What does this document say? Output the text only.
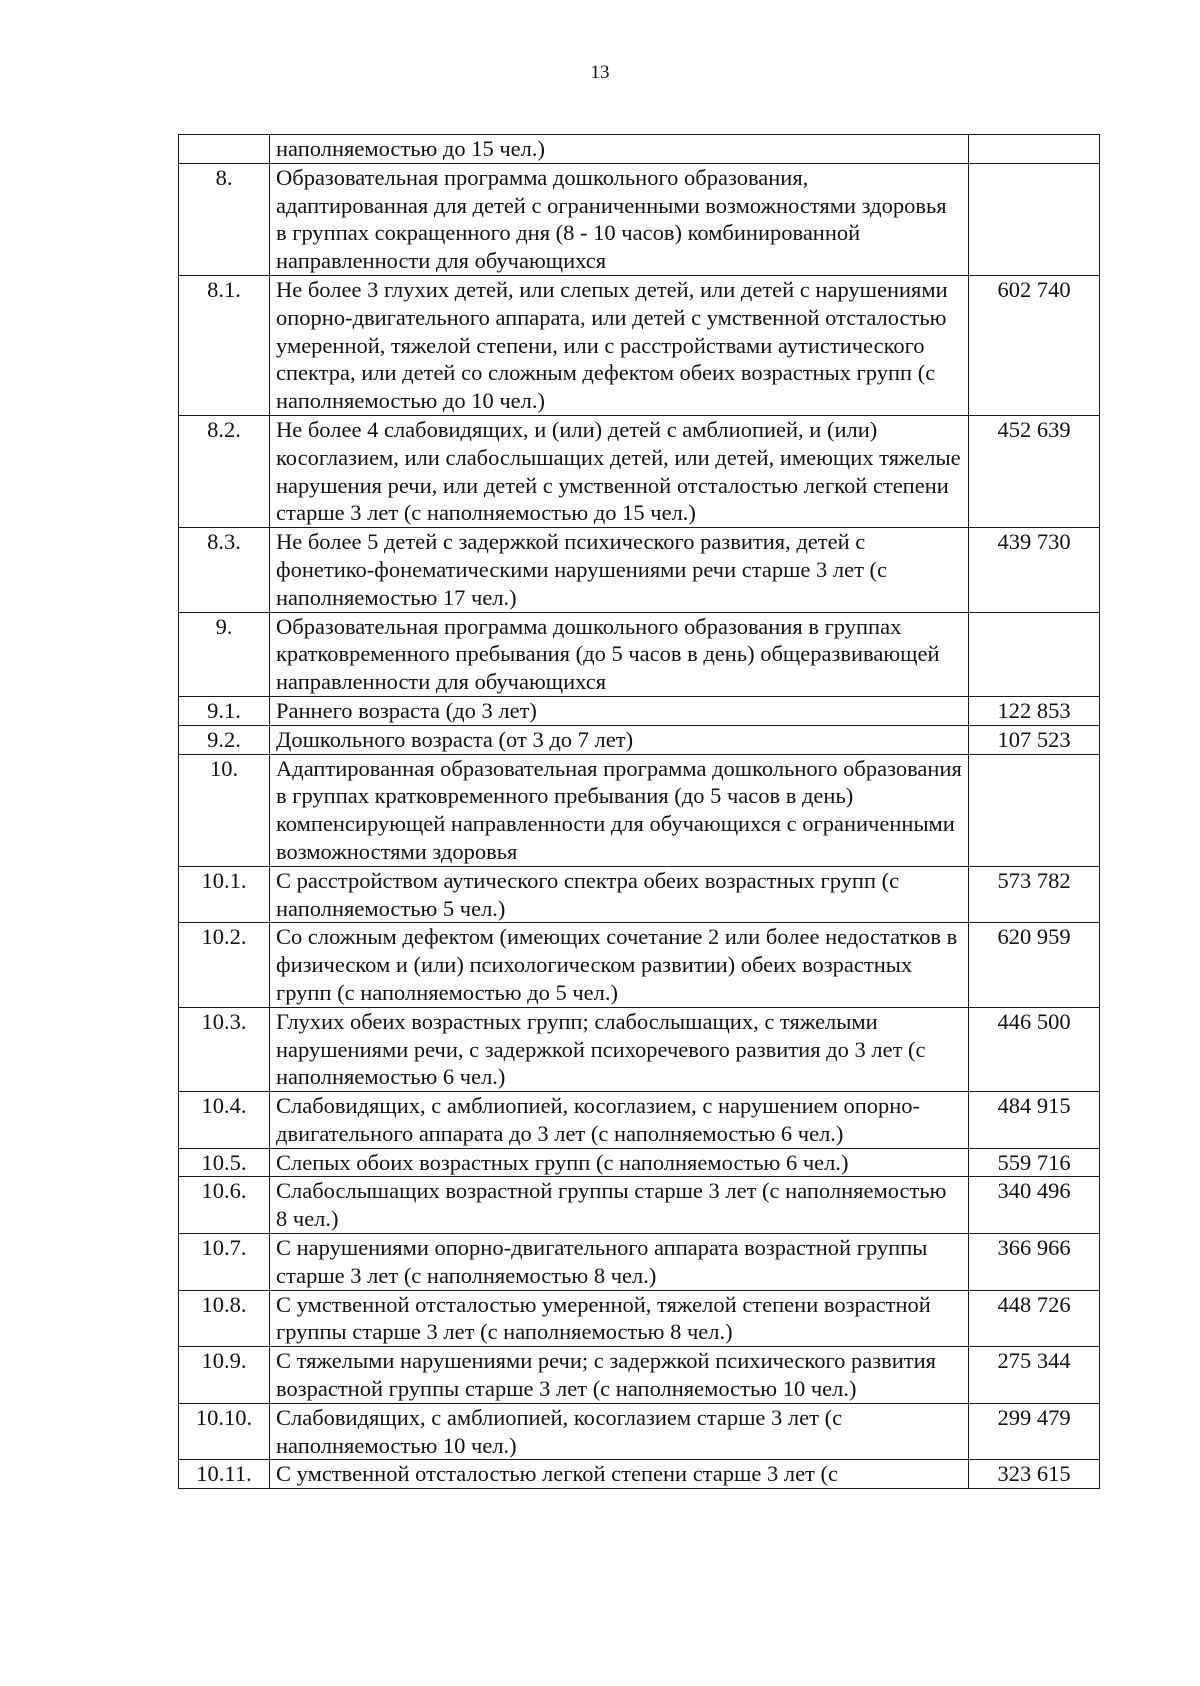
13
	наполняемостью до 15 чел.)	
8.	Образовательная программа дошкольного образования, адаптированная для детей с ограниченными возможностями здоровья в группах сокращенного дня (8 - 10 часов) комбинированной направленности для обучающихся	
8.1.	Не более 3 глухих детей, или слепых детей, или детей с нарушениями опорно-двигательного аппарата, или детей с умственной отсталостью умеренной, тяжелой степени, или с расстройствами аутистического спектра, или детей со сложным дефектом обеих возрастных групп (с наполняемостью до 10 чел.)	602 740
8.2.	Не более 4 слабовидящих, и (или) детей с амблиопией, и (или) косоглазием, или слабослышащих детей, или детей, имеющих тяжелые нарушения речи, или детей с умственной отсталостью легкой степени старше 3 лет (с наполняемостью до 15 чел.)	452 639
8.3.	Не более 5 детей с задержкой психического развития, детей с фонетико-фонематическими нарушениями речи старше 3 лет (с наполняемостью 17 чел.)	439 730
9.	Образовательная программа дошкольного образования в группах кратковременного пребывания (до 5 часов в день) общеразвивающей направленности для обучающихся	
9.1.	Раннего возраста (до 3 лет)	122 853
9.2.	Дошкольного возраста (от 3 до 7 лет)	107 523
10.	Адаптированная образовательная программа дошкольного образования в группах кратковременного пребывания (до 5 часов в день) компенсирующей направленности для обучающихся с ограниченными возможностями здоровья	
10.1.	С расстройством аутического спектра обеих возрастных групп (с наполняемостью 5 чел.)	573 782
10.2.	Со сложным дефектом (имеющих сочетание 2 или более недостатков в физическом и (или) психологическом развитии) обеих возрастных групп (с наполняемостью до 5 чел.)	620 959
10.3.	Глухих обеих возрастных групп; слабослышащих, с тяжелыми нарушениями речи, с задержкой психоречевого развития до 3 лет (с наполняемостью 6 чел.)	446 500
10.4.	Слабовидящих, с амблиопией, косоглазием, с нарушением опорно-двигательного аппарата до 3 лет (с наполняемостью 6 чел.)	484 915
10.5.	Слепых обоих возрастных групп (с наполняемостью 6 чел.)	559 716
10.6.	Слабослышащих возрастной группы старше 3 лет (с наполняемостью 8 чел.)	340 496
10.7.	С нарушениями опорно-двигательного аппарата возрастной группы старше 3 лет (с наполняемостью 8 чел.)	366 966
10.8.	С умственной отсталостью умеренной, тяжелой степени возрастной группы старше 3 лет (с наполняемостью 8 чел.)	448 726
10.9.	С тяжелыми нарушениями речи; с задержкой психического развития возрастной группы старше 3 лет (с наполняемостью 10 чел.)	275 344
10.10.	Слабовидящих, с амблиопией, косоглазием старше 3 лет (с наполняемостью 10 чел.)	299 479
10.11.	С умственной отсталостью легкой степени старше 3 лет (с	323 615
